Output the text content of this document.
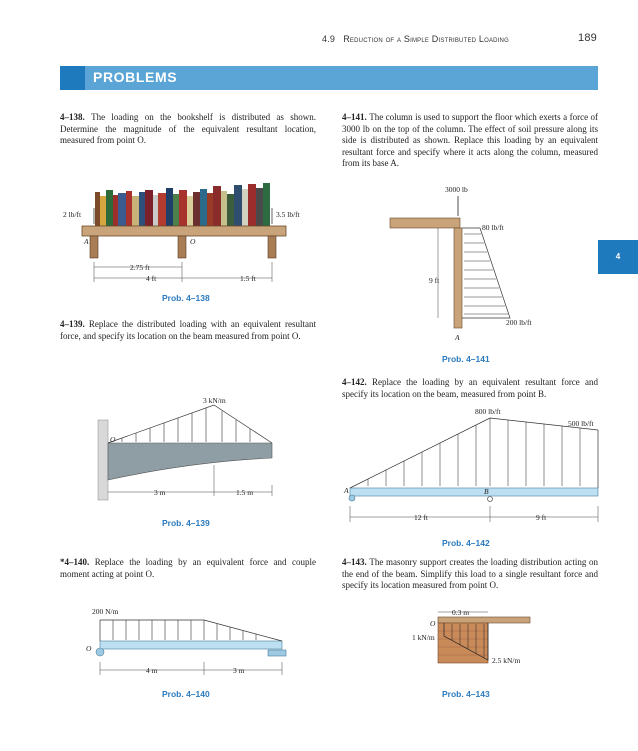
4.9 Reduction of a Simple Distributed Loading	189
PROBLEMS
4
4–138. The loading on the bookshelf is distributed as shown. Determine the magnitude of the equivalent resultant location, measured from point O.
4–139. Replace the distributed loading with an equivalent resultant force, and specify its location on the beam measured from point O.
*4–140. Replace the loading by an equivalent force and couple moment acting at point O.
4–141. The column is used to support the floor which exerts a force of 3000 lb on the top of the column. The effect of soil pressure along its side is distributed as shown. Replace this loading by an equivalent resultant force and specify where it acts along the column, measured from its base A.
4–142. Replace the loading by an equivalent resultant force and specify its location on the beam, measured from point B.
4–143. The masonry support creates the loading distribution acting on the end of the beam. Simplify this load to a single resultant force and specify its location measured from point O.
Prob. 4–138
Prob. 4–139
Prob. 4–140
Prob. 4–141
Prob. 4–142
Prob. 4–143
2 lb/ft	3.5 lb/ft
A	O
2.75 ft
4 ft	1.5 ft
3 kN/m
O
3 m	1.5 m
200 N/m
O
4 m	3 m
3000 lb
80 lb/ft
200 lb/ft
9 ft
A
800 lb/ft
500 lb/ft
A	B
12 ft	9 ft
0.3 m
O
1 kN/m
2.5 kN/m
